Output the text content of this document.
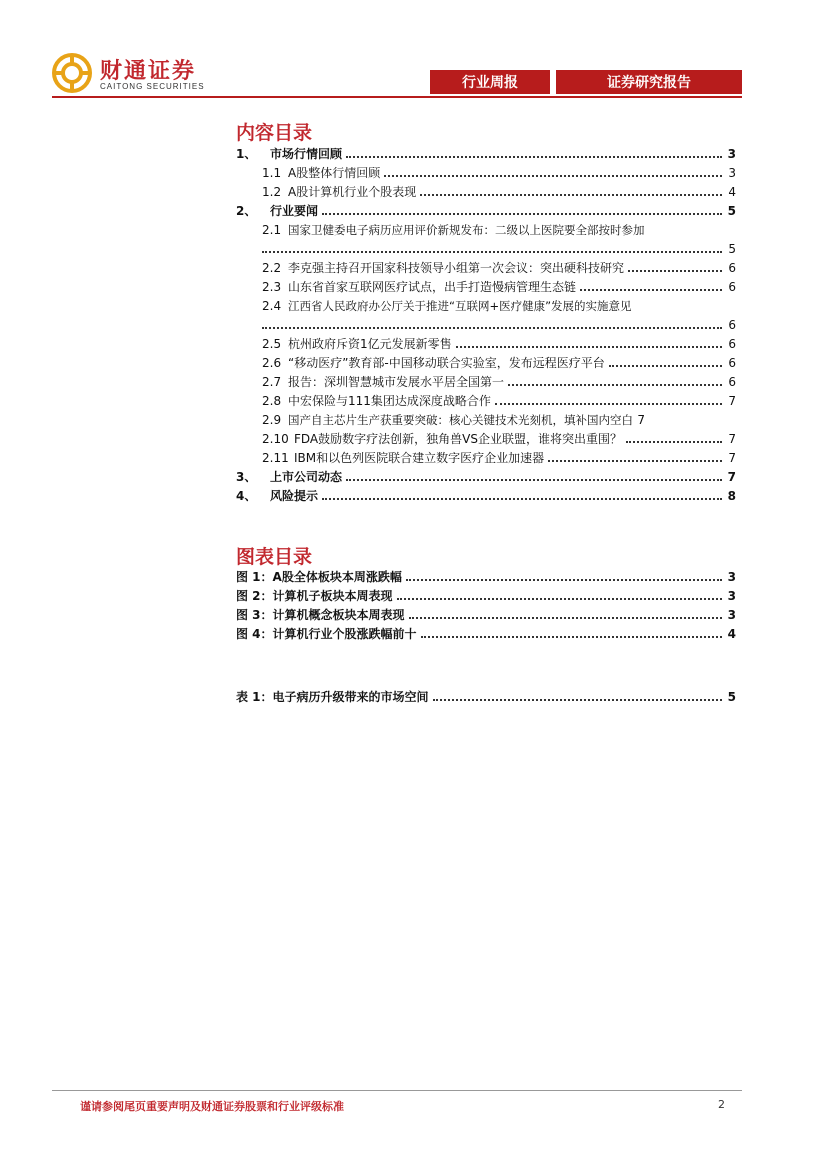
财通证券
CAITONG SECURITIES	行业周报	证券研究报告
内容目录
1、	市场行情回顾	3
1.1 A股整体行情回顾	3
1.2 A股计算机行业个股表现	4
2、	行业要闻	5
2.1 国家卫健委电子病历应用评价新规发布：二级以上医院要全部按时参加
5
2.2 李克强主持召开国家科技领导小组第一次会议：突出硬科技研究	6
2.3 山东省首家互联网医疗试点，出手打造慢病管理生态链	6
2.4 江西省人民政府办公厅关于推进“互联网+医疗健康”发展的实施意见
6
2.5 杭州政府斥资1亿元发展新零售	6
2.6 “移动医疗”教育部-中国移动联合实验室，发布远程医疗平台	6
2.7 报告：深圳智慧城市发展水平居全国第一	6
2.8 中宏保险与111集团达成深度战略合作	7
2.9 国产自主芯片生产获重要突破：核心关键技术光刻机，填补国内空白 7
2.10 FDA鼓励数字疗法创新，独角兽VS企业联盟，谁将突出重围？	7
2.11 IBM和以色列医院联合建立数字医疗企业加速器	7
3、	上市公司动态	7
4、	风险提示	8
图表目录
图 1：A股全体板块本周涨跌幅	3
图 2：计算机子板块本周表现	3
图 3：计算机概念板块本周表现	3
图 4：计算机行业个股涨跌幅前十	4
表 1：电子病历升级带来的市场空间	5
谨请参阅尾页重要声明及财通证券股票和行业评级标准	2
